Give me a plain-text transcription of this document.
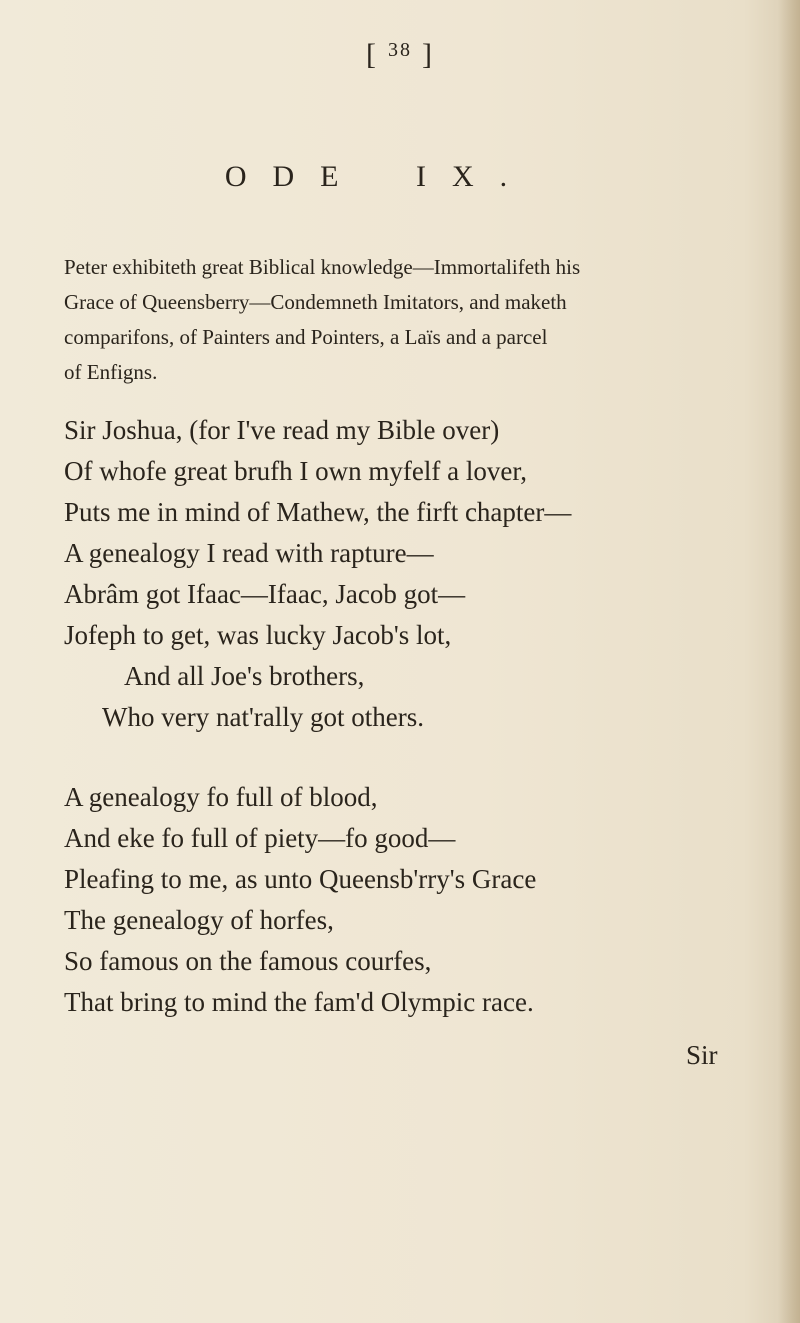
[ $^{38}$ ]
ODE IX.
Peter exhibiteth great Biblical knowledge—Immortalifeth his
Grace of Queensberry—Condemneth Imitators, and maketh
comparifons, of Painters and Pointers, a Laïs and a parcel
of Enfigns.
Sir Joshua, (for I've read my Bible over)
Of whofe great brufh I own myfelf a lover,
Puts me in mind of Mathew, the firft chapter—
A genealogy I read with rapture—
Abrâm got Ifaac—Ifaac, Jacob got—
Jofeph to get, was lucky Jacob's lot,
And all Joe's brothers,
Who very nat'rally got others.
A genealogy fo full of blood,
And eke fo full of piety—fo good—
Pleafing to me, as unto Queensb'rry's Grace
The genealogy of horfes,
So famous on the famous courfes,
That bring to mind the fam'd Olympic race.
Sir
